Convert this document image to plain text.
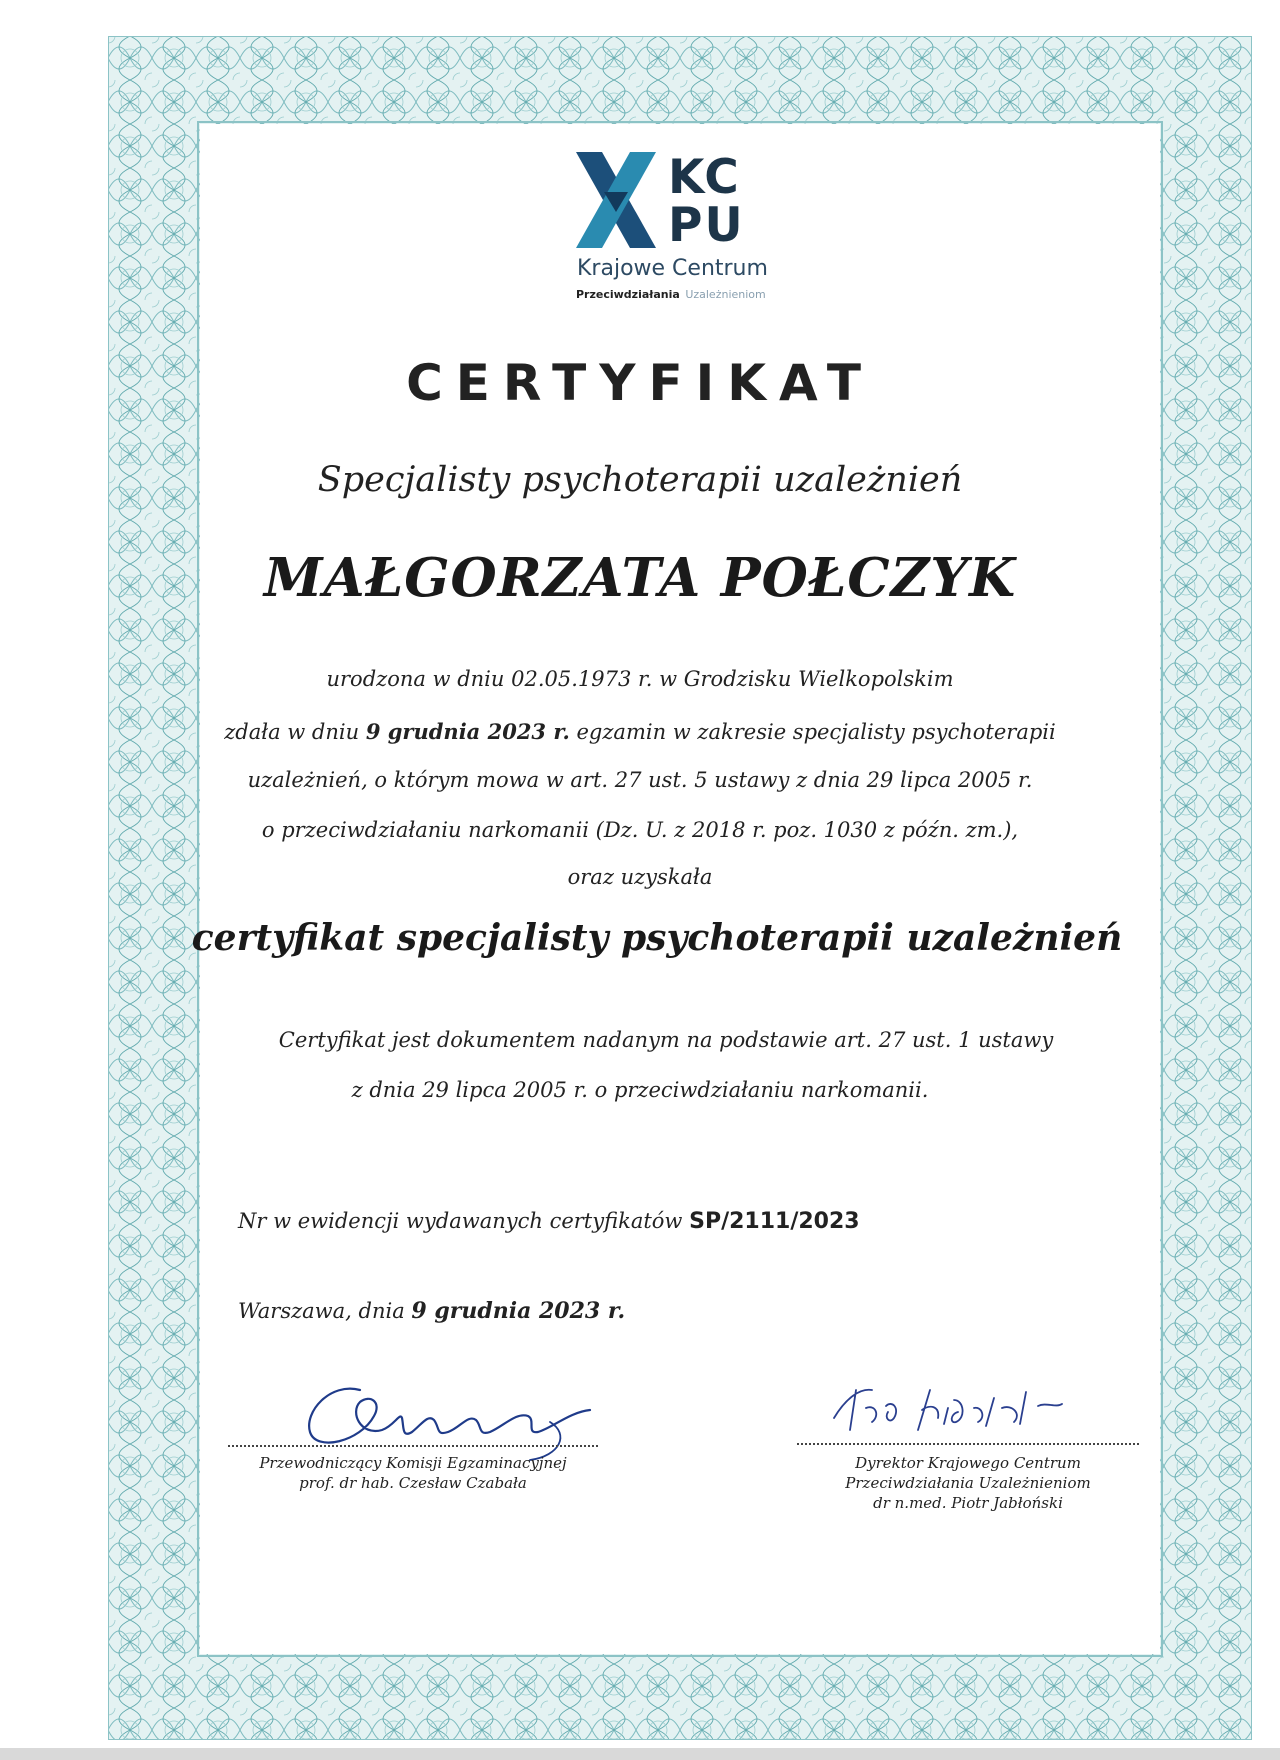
KC
PU
Krajowe Centrum
Przeciwdziałania Uzależnieniom
CERTYFIKAT
Specjalisty psychoterapii uzależnień
MAŁGORZATA POŁCZYK
urodzona w dniu 02.05.1973 r. w Grodzisku Wielkopolskim
zdała w dniu 9 grudnia 2023 r. egzamin w zakresie specjalisty psychoterapii
uzależnień, o którym mowa w art. 27 ust. 5 ustawy z dnia 29 lipca 2005 r.
o przeciwdziałaniu narkomanii (Dz. U. z 2018 r. poz. 1030 z późn. zm.),
oraz uzyskała
certyfikat specjalisty psychoterapii uzależnień
Certyfikat jest dokumentem nadanym na podstawie art. 27 ust. 1 ustawy
z dnia 29 lipca 2005 r. o przeciwdziałaniu narkomanii.
Nr w ewidencji wydawanych certyfikatów SP/2111/2023
Warszawa, dnia 9 grudnia 2023 r.
Przewodniczący Komisji Egzaminacyjnej
prof. dr hab. Czesław Czabała
Dyrektor Krajowego Centrum
Przeciwdziałania Uzależnieniom
dr n.med. Piotr Jabłoński
